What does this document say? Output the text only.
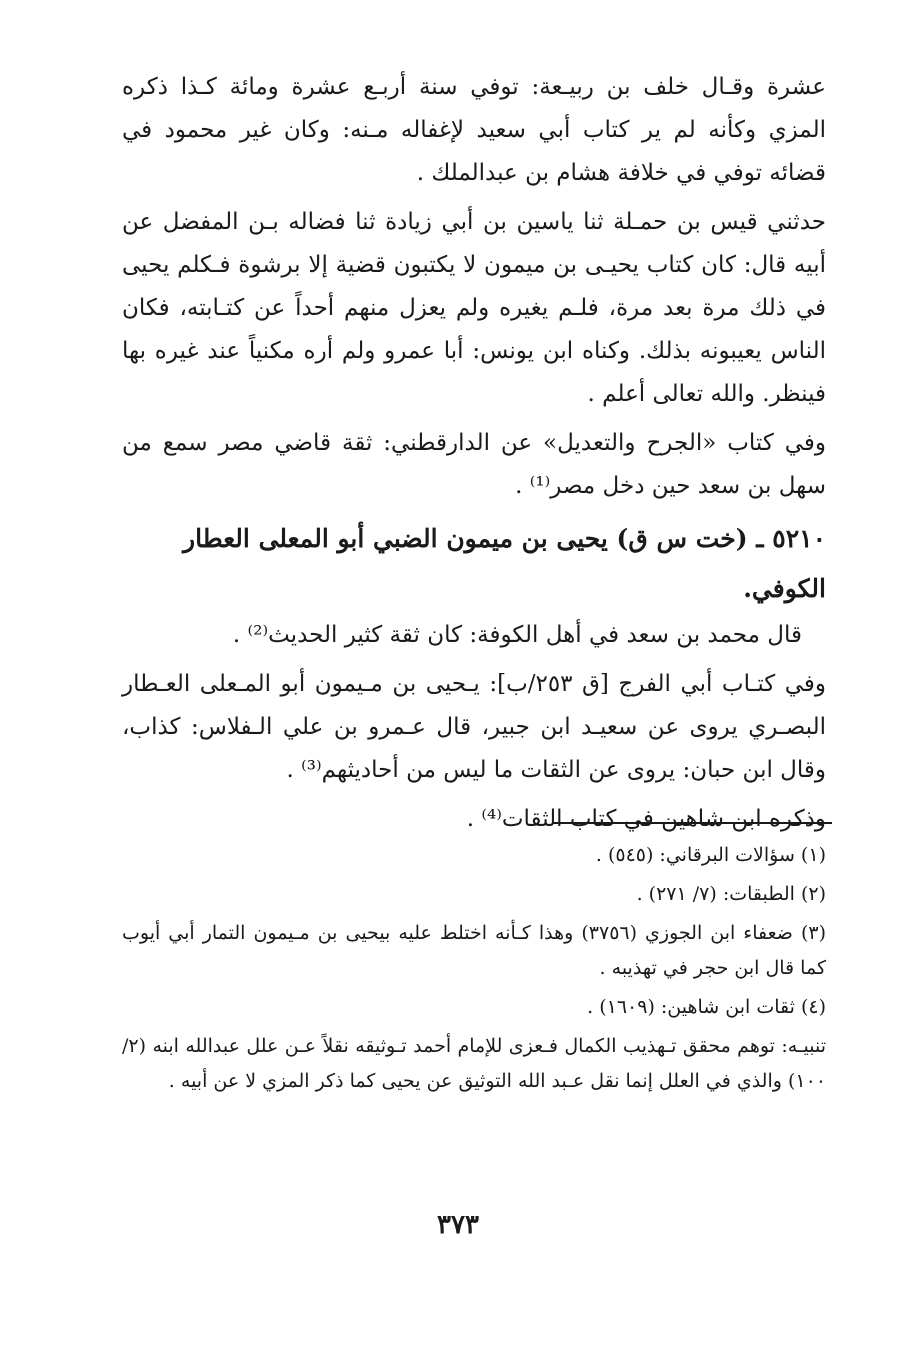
عشرة وقـال خلف بن ربيـعة: توفي سنة أربـع عشرة ومائة كـذا ذكره المزي وكأنه لم ير كتاب أبي سعيد لإغفاله مـنه: وكان غير محمود في قضائه توفي في خلافة هشام بن عبدالملك .

حدثني قيس بن حمـلة ثنا ياسين بن أبي زيادة ثنا فضاله بـن المفضل عن أبيه قال: كان كتاب يحيـى بن ميمون لا يكتبون قضية إلا برشوة فـكلم يحيى في ذلك مرة بعد مرة، فلـم يغيره ولم يعزل منهم أحداً عن كتـابته، فكان الناس يعيبونه بذلك. وكناه ابن يونس: أبا عمرو ولم أره مكنياً عند غيره بها فينظر. والله تعالى أعلم .

وفي كتاب «الجرح والتعديل» عن الدارقطني: ثقة قاضي مصر سمع من سهل بن سعد حين دخل مصر⁽¹⁾ .

٥٢١٠ ـ (خت س ق) يحيى بن ميمون الضبي أبو المعلى العطار الكوفي.

قال محمد بن سعد في أهل الكوفة: كان ثقة كثير الحديث⁽²⁾ .

وفي كتـاب أبي الفرج [ق ٢٥٣/ب]: يـحيى بن مـيمون أبو المـعلى العـطار البصـري يروى عن سعيـد ابن جبير، قال عـمرو بن علي الـفلاس: كذاب، وقال ابن حبان: يروى عن الثقات ما ليس من أحاديثهم⁽³⁾ .

وذكره ابن شاهين في كتاب الثقات⁽⁴⁾ .

(١) سؤالات البرقاني: (٥٤٥) .

(٢) الطبقات: (٧/ ٢٧١) .

(٣) ضعفاء ابن الجوزي (٣٧٥٦) وهذا كـأنه اختلط عليه بيحيى بن مـيمون التمار أبي أيوب كما قال ابن حجر في تهذيبه .

(٤) ثقات ابن شاهين: (١٦٠٩) .

تنبيـه: توهم محقق تـهذيب الكمال فـعزى للإمام أحمد تـوثيقه نقلاً عـن علل عبدالله ابنه (٢/ ١٠٠) والذي في العلل إنما نقل عـبد الله التوثيق عن يحيى كما ذكر المزي لا عن أبيه .

٣٧٣
